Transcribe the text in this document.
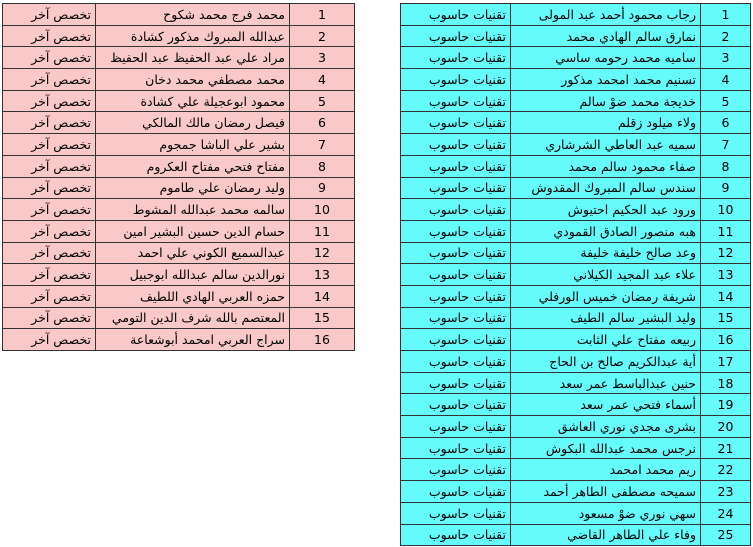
تخصص آخر	محمد فرج محمد شكوح	1
تخصص آخر	عبدالله المبروك مذكور كشادة	2
تخصص آخر	مراد علي عبد الحفيظ عبد الحفيظ	3
تخصص آخر	محمد مصطفي محمد دخان	4
تخصص آخر	محمود ابوعجيلة علي كشادة	5
تخصص آخر	فيصل رمضان مالك المالكي	6
تخصص آخر	بشير علي الباشا جمجوم	7
تخصص آخر	مفتاح فتحي مفتاح العكروم	8
تخصص آخر	وليد رمضان علي طاموم	9
تخصص آخر	سالمه محمد عبدالله المشوط	10
تخصص آخر	حسام الدين حسين البشير امين	11
تخصص آخر	عبدالسميع الكوني علي احمد	12
تخصص آخر	نورالدين سالم عبدالله ابوجبيل	13
تخصص آخر	حمزه العربي الهادي اللطيف	14
تخصص آخر	المعتصم بالله شرف الدين التومي	15
تخصص آخر	سراج العربي امحمد أبوشعاعة	16
تقنيات حاسوب	رجاب محمود أحمد عبد المولى	1
تقنيات حاسوب	نمارق سالم الهادي محمد	2
تقنيات حاسوب	ساميه محمد رحومه ساسي	3
تقنيات حاسوب	تسنيم محمد امحمد مذكور	4
تقنيات حاسوب	خديجة محمد ضوْ سالم	5
تقنيات حاسوب	ولاء ميلود زقلم	6
تقنيات حاسوب	سميه عبد العاطي الشرشاري	7
تقنيات حاسوب	صفاء محمود سالم محمد	8
تقنيات حاسوب	سندس سالم المبروك المقدوش	9
تقنيات حاسوب	ورود عبد الحكيم احتيوش	10
تقنيات حاسوب	هبه منصور الصادق القمودي	11
تقنيات حاسوب	وعد صالح خليفة خليفة	12
تقنيات حاسوب	علاء عبد المجيد الكيلاني	13
تقنيات حاسوب	شريفة رمضان خميس الورفلي	14
تقنيات حاسوب	وليد البشير سالم الطيف	15
تقنيات حاسوب	ربيعه مفتاح علي الثابت	16
تقنيات حاسوب	أية عبدالكريم صالح بن الحاج	17
تقنيات حاسوب	حنين عبدالباسط عمر سعد	18
تقنيات حاسوب	أسماء فتحي عمر سعد	19
تقنيات حاسوب	بشرى مجدي نوري العاشق	20
تقنيات حاسوب	نرجس محمد عبدالله البكوش	21
تقنيات حاسوب	ريم محمد امحمد	22
تقنيات حاسوب	سميحه مصطفى الطاهر أحمد	23
تقنيات حاسوب	سهي نوري ضوْ مسعود	24
تقنيات حاسوب	وفاء علي الطاهر القاضي	25
